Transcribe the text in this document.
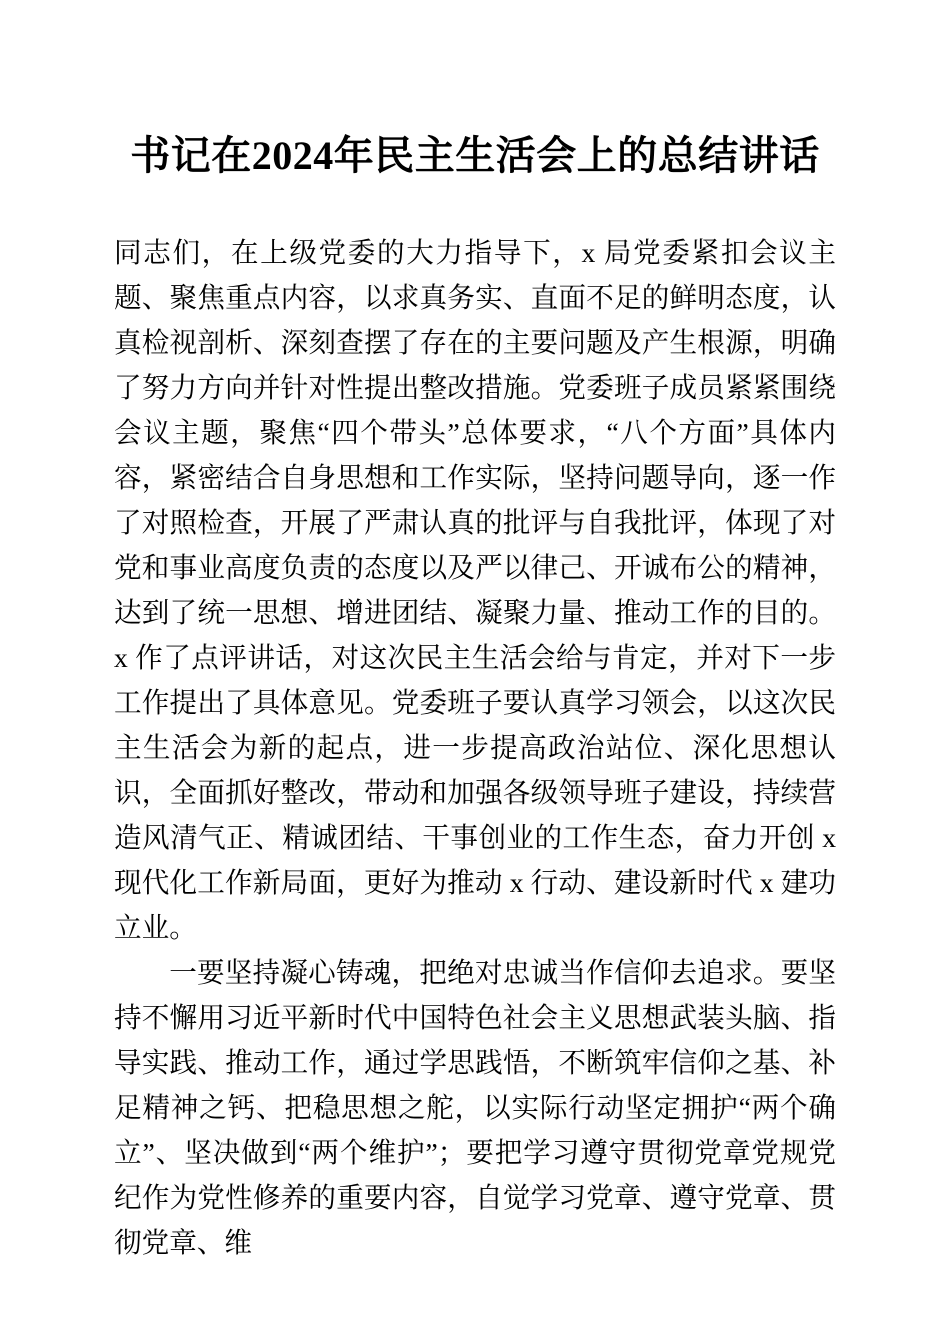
书记在2024年民主生活会上的总结讲话

同志们，在上级党委的大力指导下，x 局党委紧扣会议主题、聚焦重点内容，以求真务实、直面不足的鲜明态度，认真检视剖析、深刻查摆了存在的主要问题及产生根源，明确了努力方向并针对性提出整改措施。党委班子成员紧紧围绕会议主题，聚焦“四个带头”总体要求，“八个方面”具体内容，紧密结合自身思想和工作实际，坚持问题导向，逐一作了对照检查，开展了严肃认真的批评与自我批评，体现了对党和事业高度负责的态度以及严以律己、开诚布公的精神，达到了统一思想、增进团结、凝聚力量、推动工作的目的。x 作了点评讲话，对这次民主生活会给与肯定，并对下一步工作提出了具体意见。党委班子要认真学习领会，以这次民主生活会为新的起点，进一步提高政治站位、深化思想认识，全面抓好整改，带动和加强各级领导班子建设，持续营造风清气正、精诚团结、干事创业的工作生态，奋力开创 x 现代化工作新局面，更好为推动 x 行动、建设新时代 x 建功立业。

一要坚持凝心铸魂，把绝对忠诚当作信仰去追求。要坚持不懈用习近平新时代中国特色社会主义思想武装头脑、指导实践、推动工作，通过学思践悟，不断筑牢信仰之基、补足精神之钙、把稳思想之舵，以实际行动坚定拥护“两个确立”、坚决做到“两个维护”；要把学习遵守贯彻党章党规党纪作为党性修养的重要内容，自觉学习党章、遵守党章、贯彻党章、维
